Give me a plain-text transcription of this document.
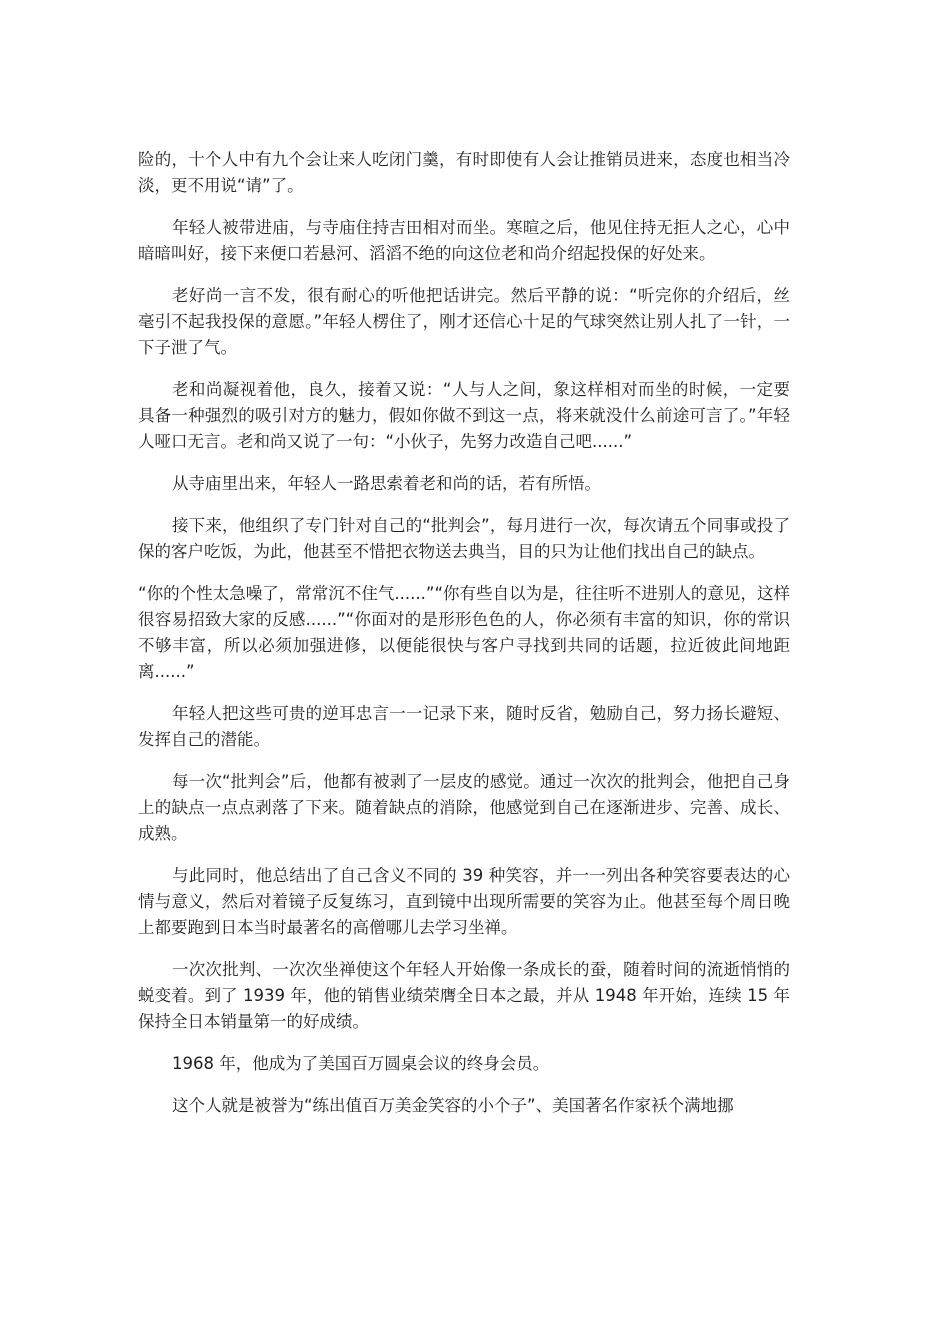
险的，十个人中有九个会让来人吃闭门羹，有时即使有人会让推销员进来，态度也相当冷淡，更不用说“请”了。

年轻人被带进庙，与寺庙住持吉田相对而坐。寒暄之后，他见住持无拒人之心，心中暗暗叫好，接下来便口若悬河、滔滔不绝的向这位老和尚介绍起投保的好处来。

老好尚一言不发，很有耐心的听他把话讲完。然后平静的说：“听完你的介绍后，丝毫引不起我投保的意愿。”年轻人楞住了，刚才还信心十足的气球突然让别人扎了一针，一下子泄了气。

老和尚凝视着他，良久，接着又说：“人与人之间，象这样相对而坐的时候，一定要具备一种强烈的吸引对方的魅力，假如你做不到这一点，将来就没什么前途可言了。”年轻人哑口无言。老和尚又说了一句：“小伙子，先努力改造自己吧......”

从寺庙里出来，年轻人一路思索着老和尚的话，若有所悟。

接下来，他组织了专门针对自己的“批判会”，每月进行一次，每次请五个同事或投了保的客户吃饭，为此，他甚至不惜把衣物送去典当，目的只为让他们找出自己的缺点。

“你的个性太急噪了，常常沉不住气......”“你有些自以为是，往往听不进别人的意见，这样很容易招致大家的反感......”“你面对的是形形色色的人，你必须有丰富的知识，你的常识不够丰富，所以必须加强进修，以便能很快与客户寻找到共同的话题，拉近彼此间地距离......”

年轻人把这些可贵的逆耳忠言一一记录下来，随时反省，勉励自己，努力扬长避短、发挥自己的潜能。

每一次“批判会”后，他都有被剥了一层皮的感觉。通过一次次的批判会，他把自己身上的缺点一点点剥落了下来。随着缺点的消除，他感觉到自己在逐渐进步、完善、成长、成熟。

与此同时，他总结出了自己含义不同的 39 种笑容，并一一列出各种笑容要表达的心情与意义，然后对着镜子反复练习，直到镜中出现所需要的笑容为止。他甚至每个周日晚上都要跑到日本当时最著名的高僧哪儿去学习坐禅。

一次次批判、一次次坐禅使这个年轻人开始像一条成长的蚕，随着时间的流逝悄悄的蜕变着。到了 1939 年，他的销售业绩荣膺全日本之最，并从 1948 年开始，连续 15 年保持全日本销量第一的好成绩。

1968 年，他成为了美国百万圆桌会议的终身会员。

这个人就是被誉为“练出值百万美金笑容的小个子”、美国著名作家袄个满地挪
